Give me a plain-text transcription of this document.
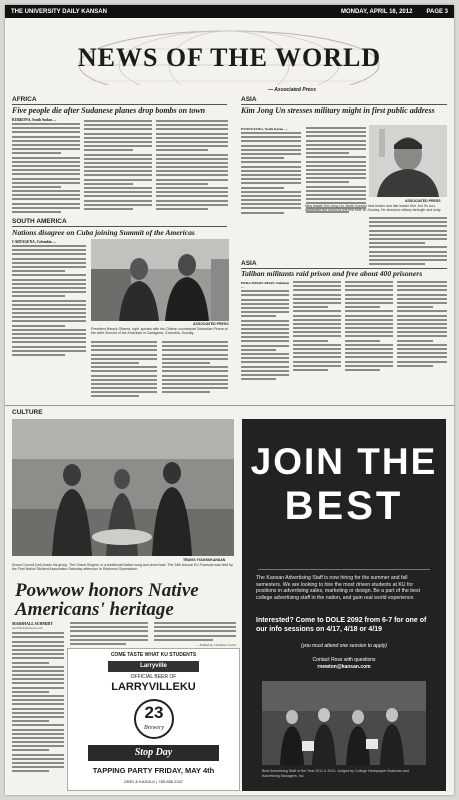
THE UNIVERSITY DAILY KANSAN	MONDAY, APRIL 16, 2012 PAGE 3
NEWS OF THE WORLD
— Associated Press
AFRICA
Five people die after Sudanese planes drop bombs on town
RUBKONA, South Sudan —
ASIA
Kim Jong Un stresses military might in first public address
PYONGYANG, North Korea —
ASSOCIATED PRESS
New leader Kim Jong Un, North Korea's new leader and late leader Kim Jon Il's son, addressed the world for the first time on Sunday. He stressed military strength and unity.
SOUTH AMERICA
Nations disagree on Cuba joining Summit of the Americas
CARTAGENA, Colombia —
ASSOCIATED PRESS
President Barack Obama, right, speaks with his Chilean counterpart Sebastian Pinera at the sixth Summit of the Americas in Cartagena, Colombia, Sunday.
ASIA
Taliban militants raid prison and free about 400 prisoners
DERA ISMAIL KHAN, Pakistan —
CULTURE
TRAVIS YOUNG/KANSAN
Kiowa Council (red) leads his group, The Grand Singers, in a traditional Native song and drum beat. The 24th Annual KU Powwow was held by the First Nation Student Association Saturday afternoon in Robinson Gymnasium.
Powwow honors Native Americans' heritage
MARSHALL SCHMIDT
mschmidt@kansan.com
— Edited by Christine Curtin
COME TASTE WHAT KU STUDENTS
Larryville
OFFICIAL BEER OF
LARRYVILLEKU
23
Brewery
Stop Day
TAPPING PARTY FRIDAY, MAY 4th
23RD & KASOLD | 785.856.2337
JOIN THE
BEST
The Kansan Advertising Staff is now hiring for the summer and fall semesters. We are looking to hire the most driven students at KU for positions in advertising sales, marketing or design. Be a part of the best college advertising staff in the nation, and gain real world experience.
Interested? Come to DOLE 2092 from 6-7 for one of our info sessions on 4/17, 4/18 or 4/19
(you must attend one session to apply)
Contact Ross with questions
rnewton@kansan.com
Best Advertising Staff of the Year 2011 & 2012. Judged by College Newspaper Business and Advertising Managers, Inc.
